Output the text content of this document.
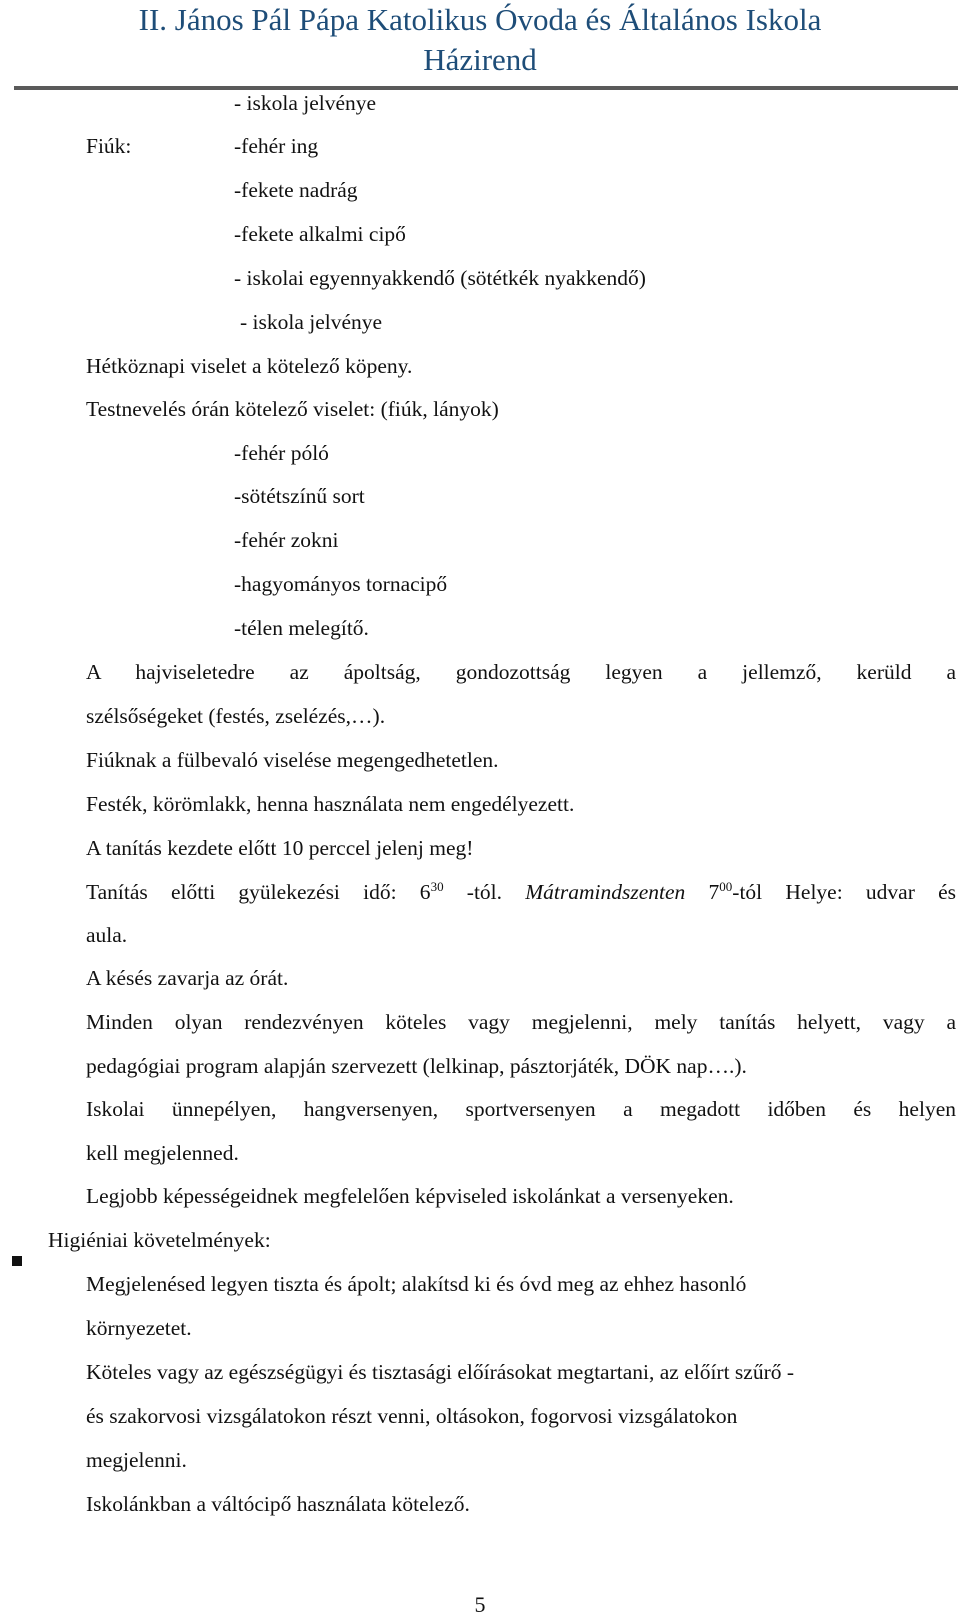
II. János Pál Pápa Katolikus Óvoda és Általános Iskola
Házirend
- iskola jelvénye
Fiúk:	-fehér ing
-fekete nadrág
-fekete alkalmi cipő
- iskolai egyennyakkendő (sötétkék nyakkendő)
- iskola jelvénye
Hétköznapi viselet a kötelező köpeny.
Testnevelés órán kötelező viselet: (fiúk, lányok)
-fehér póló
-sötétszínű sort
-fehér zokni
-hagyományos tornacipő
-télen melegítő.
A hajviseletedre az ápoltság, gondozottság legyen a jellemző, kerüld a
szélsőségeket (festés, zselézés,…).
Fiúknak a fülbevaló viselése megengedhetetlen.
Festék, körömlakk, henna használata nem engedélyezett.
A tanítás kezdete előtt 10 perccel jelenj meg!
Tanítás előtti gyülekezési idő: $6^{30}$ -tól. Mátramindszenten $7^{00}$-tól Helye: udvar és
aula.
A késés zavarja az órát.
Minden olyan rendezvényen köteles vagy megjelenni, mely tanítás helyett, vagy a
pedagógiai program alapján szervezett (lelkinap, pásztorjáték, DÖK nap….).
Iskolai ünnepélyen, hangversenyen, sportversenyen a megadott időben és helyen
kell megjelenned.
Legjobb képességeidnek megfelelően képviseled iskolánkat a versenyeken.
Higiéniai követelmények:
Megjelenésed legyen tiszta és ápolt; alakítsd ki és óvd meg az ehhez hasonló
környezetet.
Köteles vagy az egészségügyi és tisztasági előírásokat megtartani, az előírt szűrő -
és szakorvosi vizsgálatokon részt venni, oltásokon, fogorvosi vizsgálatokon
megjelenni.
Iskolánkban a váltócipő használata kötelező.
5
